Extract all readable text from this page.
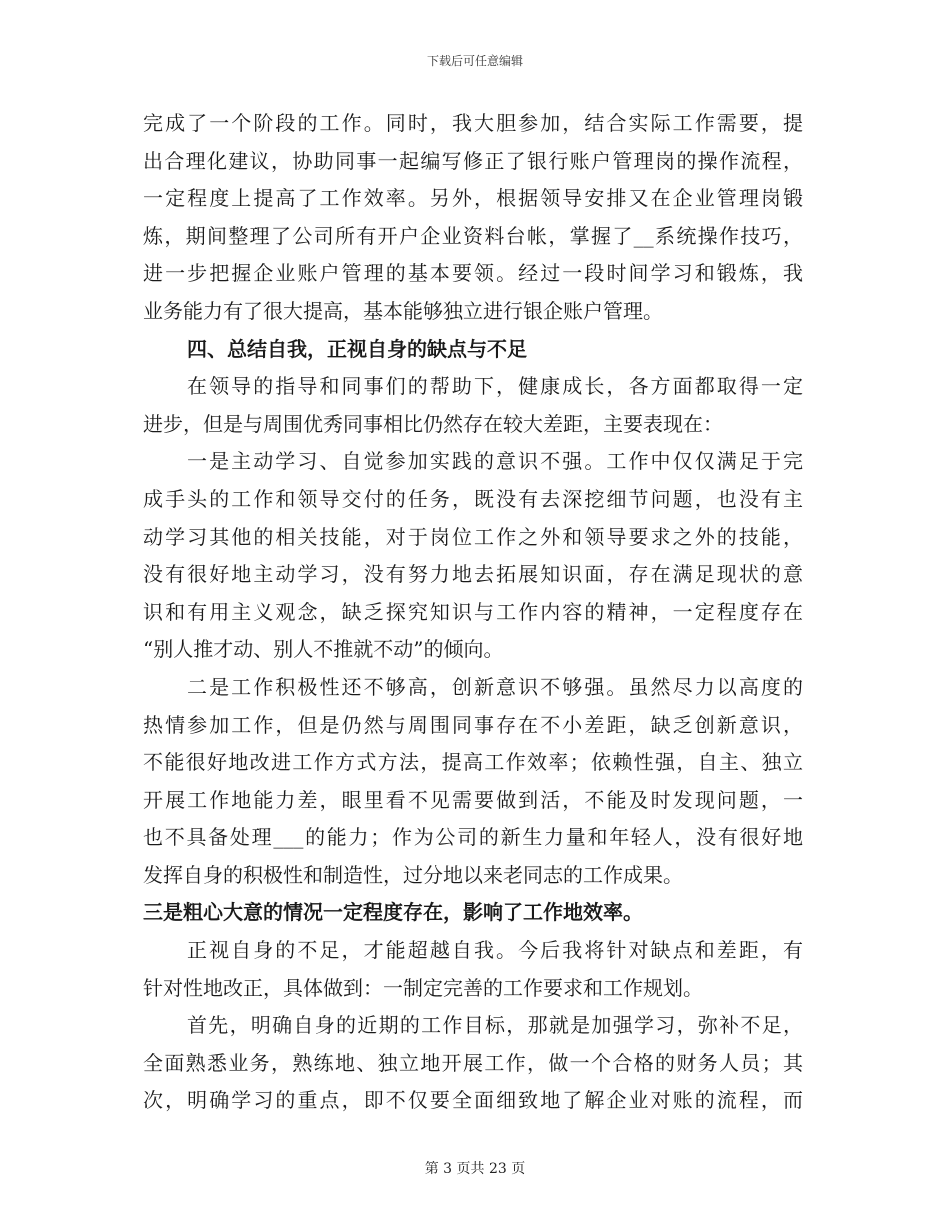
下载后可任意编辑
完成了一个阶段的工作。同时，我大胆参加，结合实际工作需要，提
出合理化建议，协助同事一起编写修正了银行账户管理岗的操作流程，
一定程度上提高了工作效率。另外，根据领导安排又在企业管理岗锻
炼，期间整理了公司所有开户企业资料台帐，掌握了__系统操作技巧，
进一步把握企业账户管理的基本要领。经过一段时间学习和锻炼，我
业务能力有了很大提高，基本能够独立进行银企账户管理。
四、总结自我，正视自身的缺点与不足
在领导的指导和同事们的帮助下，健康成长，各方面都取得一定
进步，但是与周围优秀同事相比仍然存在较大差距，主要表现在：
一是主动学习、自觉参加实践的意识不强。工作中仅仅满足于完
成手头的工作和领导交付的任务，既没有去深挖细节问题，也没有主
动学习其他的相关技能，对于岗位工作之外和领导要求之外的技能，
没有很好地主动学习，没有努力地去拓展知识面，存在满足现状的意
识和有用主义观念，缺乏探究知识与工作内容的精神，一定程度存在
“别人推才动、别人不推就不动”的倾向。
二是工作积极性还不够高，创新意识不够强。虽然尽力以高度的
热情参加工作，但是仍然与周围同事存在不小差距，缺乏创新意识，
不能很好地改进工作方式方法，提高工作效率；依赖性强，自主、独立
开展工作地能力差，眼里看不见需要做到活，不能及时发现问题，一
也不具备处理___的能力；作为公司的新生力量和年轻人，没有很好地
发挥自身的积极性和制造性，过分地以来老同志的工作成果。
三是粗心大意的情况一定程度存在，影响了工作地效率。
正视自身的不足，才能超越自我。今后我将针对缺点和差距，有
针对性地改正，具体做到：一制定完善的工作要求和工作规划。
首先，明确自身的近期的工作目标，那就是加强学习，弥补不足，
全面熟悉业务，熟练地、独立地开展工作，做一个合格的财务人员；其
次，明确学习的重点，即不仅要全面细致地了解企业对账的流程，而
第 3 页共 23 页
